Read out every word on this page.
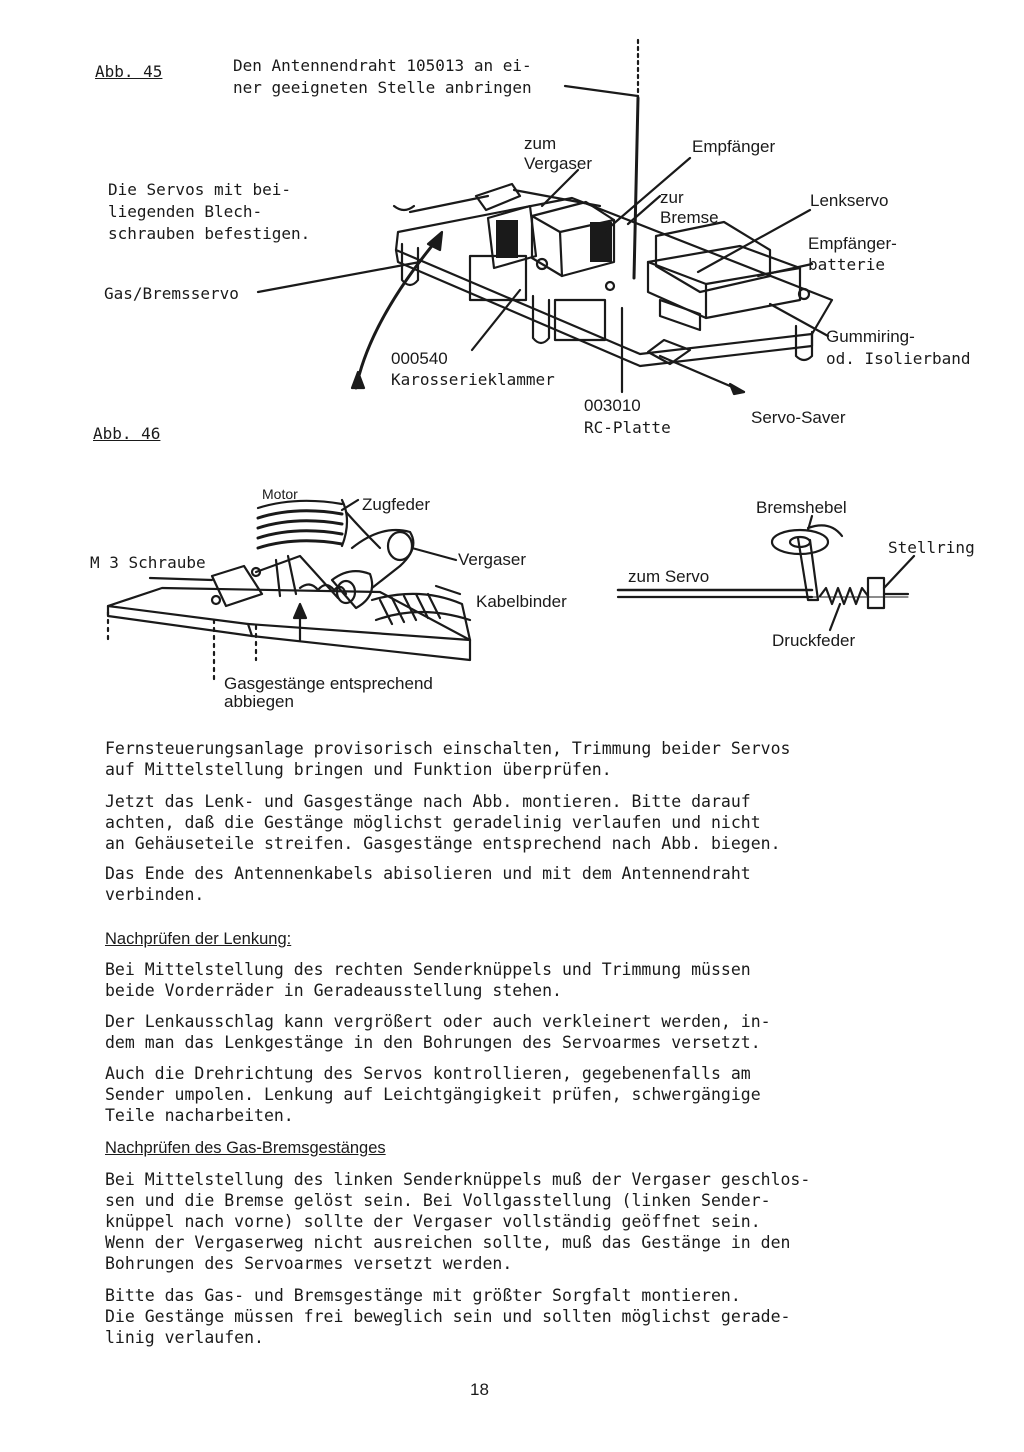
Abb. 45	Den Antennendraht 105013 an ei-
ner geeigneten Stelle anbringen
Die Servos mit bei-
liegenden Blech-
schrauben befestigen.
Gas/Bremsservo
zum
Vergaser
Empfänger
zur
Bremse
Lenkservo
Empfänger-
batterie
Gummiring-
od. Isolierband
000540
Karosserieklammer
003010
RC-Platte
Servo-Saver
Abb. 46
Motor
Zugfeder
M 3 Schraube	Vergaser
Kabelbinder
Gasgestänge entsprechend
abbiegen
Bremshebel
Stellring
zum Servo
Druckfeder
Fernsteuerungsanlage provisorisch einschalten, Trimmung beider Servos
auf Mittelstellung bringen und Funktion überprüfen.
Jetzt das Lenk- und Gasgestänge nach Abb. montieren. Bitte darauf
achten, daß die Gestänge möglichst geradelinig verlaufen und nicht
an Gehäuseteile streifen. Gasgestänge entsprechend nach Abb. biegen.
Das Ende des Antennenkabels abisolieren und mit dem Antennendraht
verbinden.
Nachprüfen der Lenkung:
Bei Mittelstellung des rechten Senderknüppels und Trimmung müssen
beide Vorderräder in Geradeausstellung stehen.
Der Lenkausschlag kann vergrößert oder auch verkleinert werden, in-
dem man das Lenkgestänge in den Bohrungen des Servoarmes versetzt.
Auch die Drehrichtung des Servos kontrollieren, gegebenenfalls am
Sender umpolen. Lenkung auf Leichtgängigkeit prüfen, schwergängige
Teile nacharbeiten.
Nachprüfen des Gas-Bremsgestänges
Bei Mittelstellung des linken Senderknüppels muß der Vergaser geschlos-
sen und die Bremse gelöst sein. Bei Vollgasstellung (linken Sender-
knüppel nach vorne) sollte der Vergaser vollständig geöffnet sein.
Wenn der Vergaserweg nicht ausreichen sollte, muß das Gestänge in den
Bohrungen des Servoarmes versetzt werden.
Bitte das Gas- und Bremsgestänge mit größter Sorgfalt montieren.
Die Gestänge müssen frei beweglich sein und sollten möglichst gerade-
linig verlaufen.
18
